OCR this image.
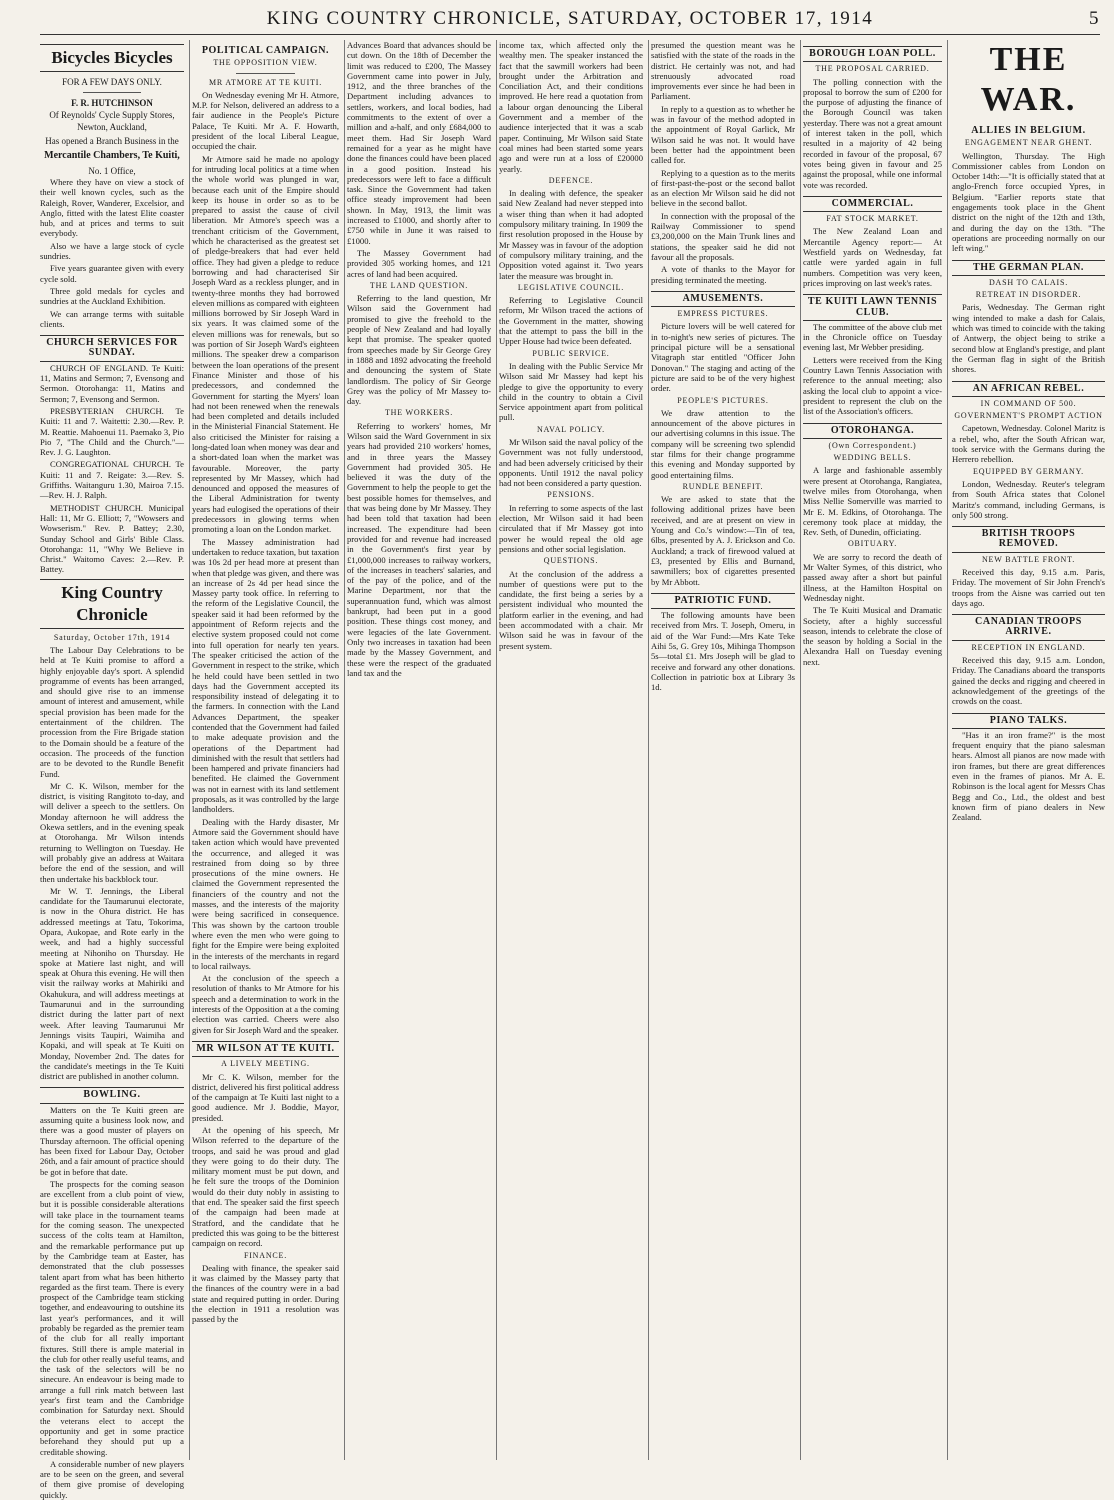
KING COUNTRY CHRONICLE, SATURDAY, OCTOBER 17, 1914	5
Bicycles Bicycles
FOR A FEW DAYS ONLY.
F. R. HUTCHINSON

Of Reynolds' Cycle Supply Stores, Newton, Auckland,

Has opened a Branch Business in the
Mercantile Chambers, Te Kuiti,
No. 1 Office,

Where they have on view a stock of their well known cycles, such as the Raleigh, Rover, Wanderer, Excelsior, and Anglo, fitted with the latest Elite coaster hub, and at prices and terms to suit everybody.

Also we have a large stock of cycle sundries.

Five years guarantee given with every cycle sold.

Three gold medals for cycles and sundries at the Auckland Exhibition.

We can arrange terms with suitable clients.

CHURCH SERVICES FOR SUNDAY.

CHURCH OF ENGLAND. Te Kuiti: 11, Matins and Sermon; 7, Evensong and Sermon. Otorohanga: 11, Matins and Sermon; 7, Evensong and Sermon.

PRESBYTERIAN CHURCH. Te Kuiti: 11 and 7. Waitetti: 2.30.—Rev. P. M. Reattie. Mahoenui 11. Paemako 3, Pio Pio 7, "The Child and the Church."—Rev. J. G. Laughton.

CONGREGATIONAL CHURCH. Te Kuiti: 11 and 7. Reigate: 3.—Rev. S. Griffiths. Waitanguru 1.30, Mairoa 7.15.—Rev. H. J. Ralph.

METHODIST CHURCH. Municipal Hall: 11, Mr G. Elliott; 7, "Wowsers and Wowserism." Rev. P. Battey; 2.30, Sunday School and Girls' Bible Class. Otorohanga: 11, "Why We Believe in Christ." Waitomo Caves: 2.—Rev. P. Battey.

King Country Chronicle
Saturday, October 17th, 1914

The Labour Day Celebrations to be held at Te Kuiti promise to afford a highly enjoyable day's sport. A splendid programme of events has been arranged, and should give rise to an immense amount of interest and amusement, while special provision has been made for the entertainment of the children. The procession from the Fire Brigade station to the Domain should be a feature of the occasion. The proceeds of the function are to be devoted to the Rundle Benefit Fund.

Mr C. K. Wilson, member for the district, is visiting Rangitoto to-day, and will deliver a speech to the settlers. On Monday afternoon he will address the Okewa settlers, and in the evening speak at Otorohanga. Mr Wilson intends returning to Wellington on Tuesday. He will probably give an address at Waitara before the end of the session, and will then undertake his backblock tour.

Mr W. T. Jennings, the Liberal candidate for the Taumarunui electorate, is now in the Ohura district. He has addressed meetings at Tatu, Tokorima, Opara, Aukopae, and Rote early in the week, and had a highly successful meeting at Nihoniho on Thursday. He spoke at Matiere last night, and will speak at Ohura this evening. He will then visit the railway works at Mahiriki and Okahukura, and will address meetings at Taumarunui and in the surrounding district during the latter part of next week. After leaving Taumarunui Mr Jennings visits Taupiri, Waimiha and Kopaki, and will speak at Te Kuiti on Monday, November 2nd. The dates for the candidate's meetings in the Te Kuiti district are published in another column.

BOWLING.

Matters on the Te Kuiti green are assuming quite a business look now, and there was a good muster of players on Thursday afternoon. The official opening has been fixed for Labour Day, October 26th, and a fair amount of practice should be got in before that date.

The prospects for the coming season are excellent from a club point of view, but it is possible considerable alterations will take place in the tournament teams for the coming season. The unexpected success of the colts team at Hamilton, and the remarkable performance put up by the Cambridge team at Easter, has demonstrated that the club possesses talent apart from what has been hitherto regarded as the first team. There is every prospect of the Cambridge team sticking together, and endeavouring to outshine its last year's performances, and it will probably be regarded as the premier team of the club for all really important fixtures. Still there is ample material in the club for other really useful teams, and the task of the selectors will be no sinecure. An endeavour is being made to arrange a full rink match between last year's first team and the Cambridge combination for Saturday next. Should the veterans elect to accept the opportunity and get in some practice beforehand they should put up a creditable showing.

A considerable number of new players are to be seen on the green, and several of them give promise of developing quickly.

POLITICAL CAMPAIGN.
THE OPPOSITION VIEW.
MR ATMORE AT TE KUITI.

On Wednesday evening Mr H. Atmore, M.P. for Nelson, delivered an address to a fair audience in the People's Picture Palace, Te Kuiti. Mr A. F. Howarth, president of the local Liberal League, occupied the chair.

Mr Atmore said he made no apology for intruding local politics at a time when the whole world was plunged in war, because each unit of the Empire should keep its house in order so as to be prepared to assist the cause of civil liberation. Mr Atmore's speech was a trenchant criticism of the Government, which he characterised as the greatest set of pledge-breakers that had ever held office. They had given a pledge to reduce borrowing and had characterised Sir Joseph Ward as a reckless plunger, and in twenty-three months they had borrowed eleven millions as compared with eighteen millions borrowed by Sir Joseph Ward in six years. It was claimed some of the eleven millions was for renewals, but so was portion of Sir Joseph Ward's eighteen millions. The speaker drew a comparison between the loan operations of the present Finance Minister and those of his predecessors, and condemned the Government for starting the Myers' loan had not been renewed when the renewals had been completed and details included in the Ministerial Financial Statement. He also criticised the Minister for raising a long-dated loan when money was dear and a short-dated loan when the market was favourable. Moreover, the party represented by Mr Massey, which had denounced and opposed the measures of the Liberal Administration for twenty years had eulogised the operations of their predecessors in glowing terms when promoting a loan on the London market.

The Massey administration had undertaken to reduce taxation, but taxation was 10s 2d per head more at present than when that pledge was given, and there was an increase of 2s 4d per head since the Massey party took office. In referring to the reform of the Legislative Council, the speaker said it had been reformed by the appointment of Reform rejects and the elective system proposed could not come into full operation for nearly ten years. The speaker criticised the action of the Government in respect to the strike, which he held could have been settled in two days had the Government accepted its responsibility instead of delegating it to the farmers. In connection with the Land Advances Department, the speaker contended that the Government had failed to make adequate provision and the operations of the Department had diminished with the result that settlers had been hampered and private financiers had benefited. He claimed the Government was not in earnest with its land settlement proposals, as it was controlled by the large landholders.

Dealing with the Hardy disaster, Mr Atmore said the Government should have taken action which would have prevented the occurrence, and alleged it was restrained from doing so by three prosecutions of the mine owners. He claimed the Government represented the financiers of the country and not the masses, and the interests of the majority were being sacrificed in consequence. This was shown by the cartoon trouble where even the men who were going to fight for the Empire were being exploited in the interests of the merchants in regard to local railways.

At the conclusion of the speech a resolution of thanks to Mr Atmore for his speech and a determination to work in the interests of the Opposition at a the coming election was carried. Cheers were also given for Sir Joseph Ward and the speaker.

MR WILSON AT TE KUITI.
A LIVELY MEETING.

Mr C. K. Wilson, member for the district, delivered his first political address of the campaign at Te Kuiti last night to a good audience. Mr J. Boddie, Mayor, presided.

At the opening of his speech, Mr Wilson referred to the departure of the troops, and said he was proud and glad they were going to do their duty. The military moment must be put down, and he felt sure the troops of the Dominion would do their duty nobly in assisting to that end. The speaker said the first speech of the campaign had been made at Stratford, and the candidate that he predicted this was going to be the bitterest campaign on record.

FINANCE.

Dealing with finance, the speaker said it was claimed by the Massey party that the finances of the country were in a bad state and required putting in order. During the election in 1911 a resolution was passed by the

Advances Board that advances should be cut down. On the 18th of December the limit was reduced to £200, The Massey Government came into power in July, 1912, and the three branches of the Department including advances to settlers, workers, and local bodies, had commitments to the extent of over a million and a-half, and only £684,000 to meet them. Had Sir Joseph Ward remained for a year as he might have done the finances could have been placed in a good position. Instead his predecessors were left to face a difficult task. Since the Government had taken office steady improvement had been shown. In May, 1913, the limit was increased to £1000, and shortly after to £750 while in June it was raised to £1000.

The Massey Government had provided 305 working homes, and 121 acres of land had been acquired.

THE LAND QUESTION.

Referring to the land question, Mr Wilson said the Government had promised to give the freehold to the people of New Zealand and had loyally kept that promise. The speaker quoted from speeches made by Sir George Grey in 1888 and 1892 advocating the freehold and denouncing the system of State landlordism. The policy of Sir George Grey was the policy of Mr Massey to-day.

THE WORKERS.

Referring to workers' homes, Mr Wilson said the Ward Government in six years had provided 210 workers' homes, and in three years the Massey Government had provided 305. He believed it was the duty of the Government to help the people to get the best possible homes for themselves, and that was being done by Mr Massey. They had been told that taxation had been increased. The expenditure had been provided for and revenue had increased in the Government's first year by £1,000,000 increases to railway workers, of the increases in teachers' salaries, and of the pay of the police, and of the Marine Department, nor that the superannuation fund, which was almost bankrupt, had been put in a good position. These things cost money, and were legacies of the late Government. Only two increases in taxation had been made by the Massey Government, and these were the respect of the graduated land tax and the

income tax, which affected only the wealthy men. The speaker instanced the fact that the sawmill workers had been brought under the Arbitration and Conciliation Act, and their conditions improved. He here read a quotation from a labour organ denouncing the Liberal Government and a member of the audience interjected that it was a scab paper. Continuing, Mr Wilson said State coal mines had been started some years ago and were run at a loss of £20000 yearly.

DEFENCE.

In dealing with defence, the speaker said New Zealand had never stepped into a wiser thing than when it had adopted compulsory military training. In 1909 the first resolution proposed in the House by Mr Massey was in favour of the adoption of compulsory military training, and the Opposition voted against it. Two years later the measure was brought in.

LEGISLATIVE COUNCIL.

Referring to Legislative Council reform, Mr Wilson traced the actions of the Government in the matter, showing that the attempt to pass the bill in the Upper House had twice been defeated.

PUBLIC SERVICE.

In dealing with the Public Service Mr Wilson said Mr Massey had kept his pledge to give the opportunity to every child in the country to obtain a Civil Service appointment apart from political pull.

NAVAL POLICY.

Mr Wilson said the naval policy of the Government was not fully understood, and had been adversely criticised by their opponents. Until 1912 the naval policy had not been considered a party question.

PENSIONS.

In referring to some aspects of the last election, Mr Wilson said it had been circulated that if Mr Massey got into power he would repeal the old age pensions and other social legislation.

QUESTIONS.

At the conclusion of the address a number of questions were put to the candidate, the first being a series by a persistent individual who mounted the platform earlier in the evening, and had been accommodated with a chair. Mr Wilson said he was in favour of the present system.

presumed the question meant was he satisfied with the state of the roads in the district. He certainly was not, and had strenuously advocated road improvements ever since he had been in Parliament.

In reply to a question as to whether he was in favour of the method adopted in the appointment of Royal Garlick, Mr Wilson said he was not. It would have been better had the appointment been called for.

Replying to a question as to the merits of first-past-the-post or the second ballot as an election Mr Wilson said he did not believe in the second ballot.

In connection with the proposal of the Railway Commissioner to spend £3,200,000 on the Main Trunk lines and stations, the speaker said he did not favour all the proposals.

A vote of thanks to the Mayor for presiding terminated the meeting.

AMUSEMENTS.
EMPRESS PICTURES.

Picture lovers will be well catered for in to-night's new series of pictures. The principal picture will be a sensational Vitagraph star entitled "Officer John Donovan." The staging and acting of the picture are said to be of the very highest order.

PEOPLE'S PICTURES.

We draw attention to the announcement of the above pictures in our advertising columns in this issue. The company will be screening two splendid star films for their change programme this evening and Monday supported by good entertaining films.

RUNDLE BENEFIT.

We are asked to state that the following additional prizes have been received, and are at present on view in Young and Co.'s window:—Tin of tea, 6lbs, presented by A. J. Erickson and Co. Auckland; a track of firewood valued at £3, presented by Ellis and Burnand, sawmillers; box of cigarettes presented by Mr Abbott.

PATRIOTIC FUND.

The following amounts have been received from Mrs. T. Joseph, Omeru, in aid of the War Fund:—Mrs Kate Teke Aihi 5s, G. Grey 10s, Mihinga Thompson 5s—total £1. Mrs Joseph will be glad to receive and forward any other donations. Collection in patriotic box at Library 3s 1d.

THE WAR.
ALLIES IN BELGIUM.
ENGAGEMENT NEAR GHENT.

Wellington, Thursday. The High Commissioner cables from London on October 14th:—"It is officially stated that at anglo-French force occupied Ypres, in Belgium. "Earlier reports state that engagements took place in the Ghent district on the night of the 12th and 13th, and during the day on the 13th. "The operations are proceeding normally on our left wing."

THE GERMAN PLAN.
DASH TO CALAIS.
RETREAT IN DISORDER.

Paris, Wednesday. The German right wing intended to make a dash for Calais, which was timed to coincide with the taking of Antwerp, the object being to strike a second blow at England's prestige, and plant the German flag in sight of the British shores.

AN AFRICAN REBEL.
IN COMMAND OF 500.
GOVERNMENT'S PROMPT ACTION

Capetown, Wednesday. Colonel Maritz is a rebel, who, after the South African war, took service with the Germans during the Herrero rebellion.

EQUIPPED BY GERMANY.

London, Wednesday. Reuter's telegram from South Africa states that Colonel Maritz's command, including Germans, is only 500 strong.

BRITISH TROOPS REMOVED.
NEW BATTLE FRONT.

Received this day, 9.15 a.m. Paris, Friday. The movement of Sir John French's troops from the Aisne was carried out ten days ago.

CANADIAN TROOPS ARRIVE.
RECEPTION IN ENGLAND.

Received this day, 9.15 a.m. London, Friday. The Canadians aboard the transports gained the decks and rigging and cheered in acknowledgement of the greetings of the crowds on the coast.

PIANO TALKS.

"Has it an iron frame?" is the most frequent enquiry that the piano salesman hears. Almost all pianos are now made with iron frames, but there are great differences even in the frames of pianos. Mr A. E. Robinson is the local agent for Messrs Chas Begg and Co., Ltd., the oldest and best known firm of piano dealers in New Zealand.

BOROUGH LOAN POLL.
THE PROPOSAL CARRIED.

The polling connection with the proposal to borrow the sum of £200 for the purpose of adjusting the finance of the Borough Council was taken yesterday. There was not a great amount of interest taken in the poll, which resulted in a majority of 42 being recorded in favour of the proposal, 67 votes being given in favour and 25 against the proposal, while one informal vote was recorded.

COMMERCIAL.
FAT STOCK MARKET.

The New Zealand Loan and Mercantile Agency report:— At Westfield yards on Wednesday, fat cattle were yarded again in full numbers. Competition was very keen, prices improving on last week's rates.

TE KUITI LAWN TENNIS CLUB.

The committee of the above club met in the Chronicle office on Tuesday evening last, Mr Webber presiding.

Letters were received from the King Country Lawn Tennis Association with reference to the annual meeting; also asking the local club to appoint a vice-president to represent the club on the list of the Association's officers.

OTOROHANGA.
(Own Correspondent.)
WEDDING BELLS.

A large and fashionable assembly were present at Otorohanga, Rangiatea, twelve miles from Otorohanga, when Miss Nellie Somerville was married to Mr E. M. Edkins, of Otorohanga. The ceremony took place at midday, the Rev. Seth, of Dunedin, officiating.

OBITUARY.

We are sorry to record the death of Mr Walter Symes, of this district, who passed away after a short but painful illness, at the Hamilton Hospital on Wednesday night.

The Te Kuiti Musical and Dramatic Society, after a highly successful season, intends to celebrate the close of the season by holding a Social in the Alexandra Hall on Tuesday evening next.
